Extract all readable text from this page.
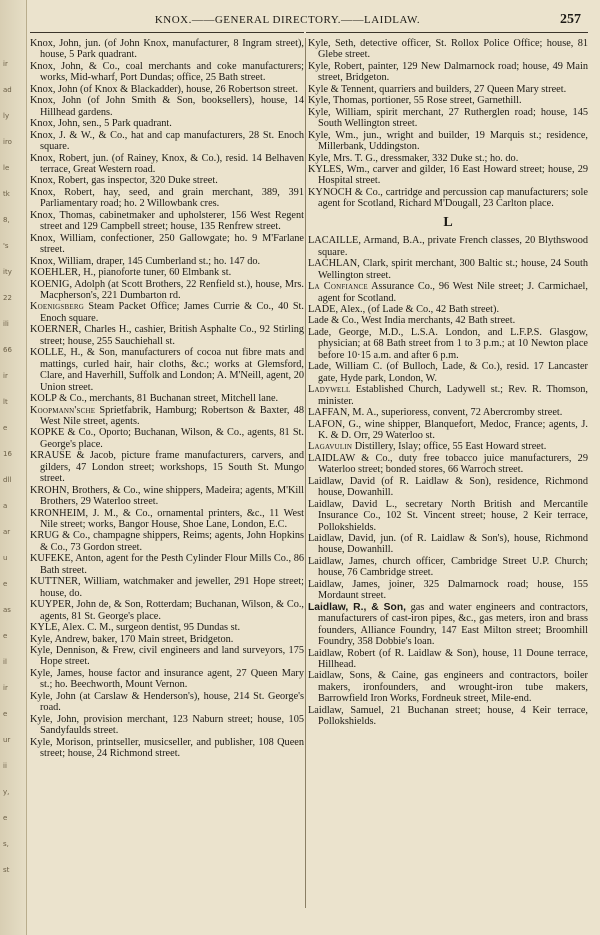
ir
ad
ly
iro
le
tk
8,
's
ity
22
ili
66
ir
lt
e
16
dll
a
ar
u
e
as
e
il
ir
e
ur
ii
y,
e
s,
st
KNOX.——GENERAL DIRECTORY.——LAIDLAW.	257

Knox, John, jun. (of John Knox, manufacturer, 8 Ingram street), house, 5 Park quadrant.

Knox, John, & Co., coal merchants and coke manufacturers; works, Mid-wharf, Port Dundas; office, 25 Bath street.

Knox, John (of Knox & Blackadder), house, 26 Robertson street.

Knox, John (of John Smith & Son, booksellers), house, 14 Hillhead gardens.

Knox, John, sen., 5 Park quadrant.

Knox, J. & W., & Co., hat and cap manufacturers, 28 St. Enoch square.

Knox, Robert, jun. (of Rainey, Knox, & Co.), resid. 14 Belhaven terrace, Great Western road.

Knox, Robert, gas inspector, 320 Duke street.

Knox, Robert, hay, seed, and grain merchant, 389, 391 Parliamentary road; ho. 2 Willowbank cres.

Knox, Thomas, cabinetmaker and upholsterer, 156 West Regent street and 129 Campbell street; house, 135 Renfrew street.

Knox, William, confectioner, 250 Gallowgate; ho. 9 M'Farlane street.

Knox, William, draper, 145 Cumberland st.; ho. 147 do.

KOEHLER, H., pianoforte tuner, 60 Elmbank st.

KOENIG, Adolph (at Scott Brothers, 22 Renfield st.), house, Mrs. Macpherson's, 221 Dumbarton rd.

Koenigsberg Steam Packet Office; James Currie & Co., 40 St. Enoch square.

KOERNER, Charles H., cashier, British Asphalte Co., 92 Stirling street; house, 255 Sauchiehall st.

KOLLE, H., & Son, manufacturers of cocoa nut fibre mats and mattings, curled hair, hair cloths, &c.; works at Glemsford, Clare, and Haverhill, Suffolk and London; A. M'Neill, agent, 20 Union street.

KOLP & Co., merchants, 81 Buchanan street, Mitchell lane.

Koopmann'sche Sprietfabrik, Hamburg; Robertson & Baxter, 48 West Nile street, agents.

KOPKE & Co., Oporto; Buchanan, Wilson, & Co., agents, 81 St. George's place.

KRAUSE & Jacob, picture frame manufacturers, carvers, and gilders, 47 London street; workshops, 15 South St. Mungo street.

KROHN, Brothers, & Co., wine shippers, Madeira; agents, M'Kill Brothers, 29 Waterloo street.

KRONHEIM, J. M., & Co., ornamental printers, &c., 11 West Nile street; works, Bangor House, Shoe Lane, London, E.C.

KRUG & Co., champagne shippers, Reims; agents, John Hopkins & Co., 73 Gordon street.

KUFEKE, Anton, agent for the Pesth Cylinder Flour Mills Co., 86 Bath street.

KUTTNER, William, watchmaker and jeweller, 291 Hope street; house, do.

KUYPER, John de, & Son, Rotterdam; Buchanan, Wilson, & Co., agents, 81 St. George's place.

KYLE, Alex. C. M., surgeon dentist, 95 Dundas st.

Kyle, Andrew, baker, 170 Main street, Bridgeton.

Kyle, Dennison, & Frew, civil engineers and land surveyors, 175 Hope street.

Kyle, James, house factor and insurance agent, 27 Queen Mary st.; ho. Beechworth, Mount Vernon.

Kyle, John (at Carslaw & Henderson's), house, 214 St. George's road.

Kyle, John, provision merchant, 123 Naburn street; house, 105 Sandyfaulds street.

Kyle, Morison, printseller, musicseller, and publisher, 108 Queen street; house, 24 Richmond street.

Kyle, Seth, detective officer, St. Rollox Police Office; house, 81 Glebe street.

Kyle, Robert, painter, 129 New Dalmarnock road; house, 49 Main street, Bridgeton.

Kyle & Tennent, quarriers and builders, 27 Queen Mary street.

Kyle, Thomas, portioner, 55 Rose street, Garnethill.

Kyle, William, spirit merchant, 27 Rutherglen road; house, 145 South Wellington street.

Kyle, Wm., jun., wright and builder, 19 Marquis st.; residence, Millerbank, Uddingston.

Kyle, Mrs. T. G., dressmaker, 332 Duke st.; ho. do.

KYLES, Wm., carver and gilder, 16 East Howard street; house, 29 Hospital street.

KYNOCH & Co., cartridge and percussion cap manufacturers; sole agent for Scotland, Richard M'Dougall, 23 Carlton place.

L

LACAILLE, Armand, B.A., private French classes, 20 Blythswood square.

LACHLAN, Clark, spirit merchant, 300 Baltic st.; house, 24 South Wellington street.

La Confiance Assurance Co., 96 West Nile street; J. Carmichael, agent for Scotland.

LADE, Alex., (of Lade & Co., 42 Bath street).

Lade & Co., West India merchants, 42 Bath street.

Lade, George, M.D., L.S.A. London, and L.F.P.S. Glasgow, physician; at 68 Bath street from 1 to 3 p.m.; at 10 Newton place before 10·15 a.m. and after 6 p.m.

Lade, William C. (of Bulloch, Lade, & Co.), resid. 17 Lancaster gate, Hyde park, London, W.

Ladywell Established Church, Ladywell st.; Rev. R. Thomson, minister.

LAFFAN, M. A., superioress, convent, 72 Abercromby street.

LAFON, G., wine shipper, Blanquefort, Medoc, France; agents, J. K. & D. Orr, 29 Waterloo st.

Lagavulin Distillery, Islay; office, 55 East Howard street.

LAIDLAW & Co., duty free tobacco juice manufacturers, 29 Waterloo street; bonded stores, 66 Warroch street.

Laidlaw, David (of R. Laidlaw & Son), residence, Richmond house, Dowanhill.

Laidlaw, David L., secretary North British and Mercantile Insurance Co., 102 St. Vincent street; house, 2 Keir terrace, Pollokshields.

Laidlaw, David, jun. (of R. Laidlaw & Son's), house, Richmond house, Dowanhill.

Laidlaw, James, church officer, Cambridge Street U.P. Church; house, 76 Cambridge street.

Laidlaw, James, joiner, 325 Dalmarnock road; house, 155 Mordaunt street.

Laidlaw, R., & Son, gas and water engineers and contractors, manufacturers of cast-iron pipes, &c., gas meters, iron and brass founders, Alliance Foundry, 147 East Milton street; Broomhill Foundry, 358 Dobbie's loan.

Laidlaw, Robert (of R. Laidlaw & Son), house, 11 Doune terrace, Hillhead.

Laidlaw, Sons, & Caine, gas engineers and contractors, boiler makers, ironfounders, and wrought-iron tube makers, Barrowfield Iron Works, Fordneuk street, Mile-end.

Laidlaw, Samuel, 21 Buchanan street; house, 4 Keir terrace, Pollokshields.
